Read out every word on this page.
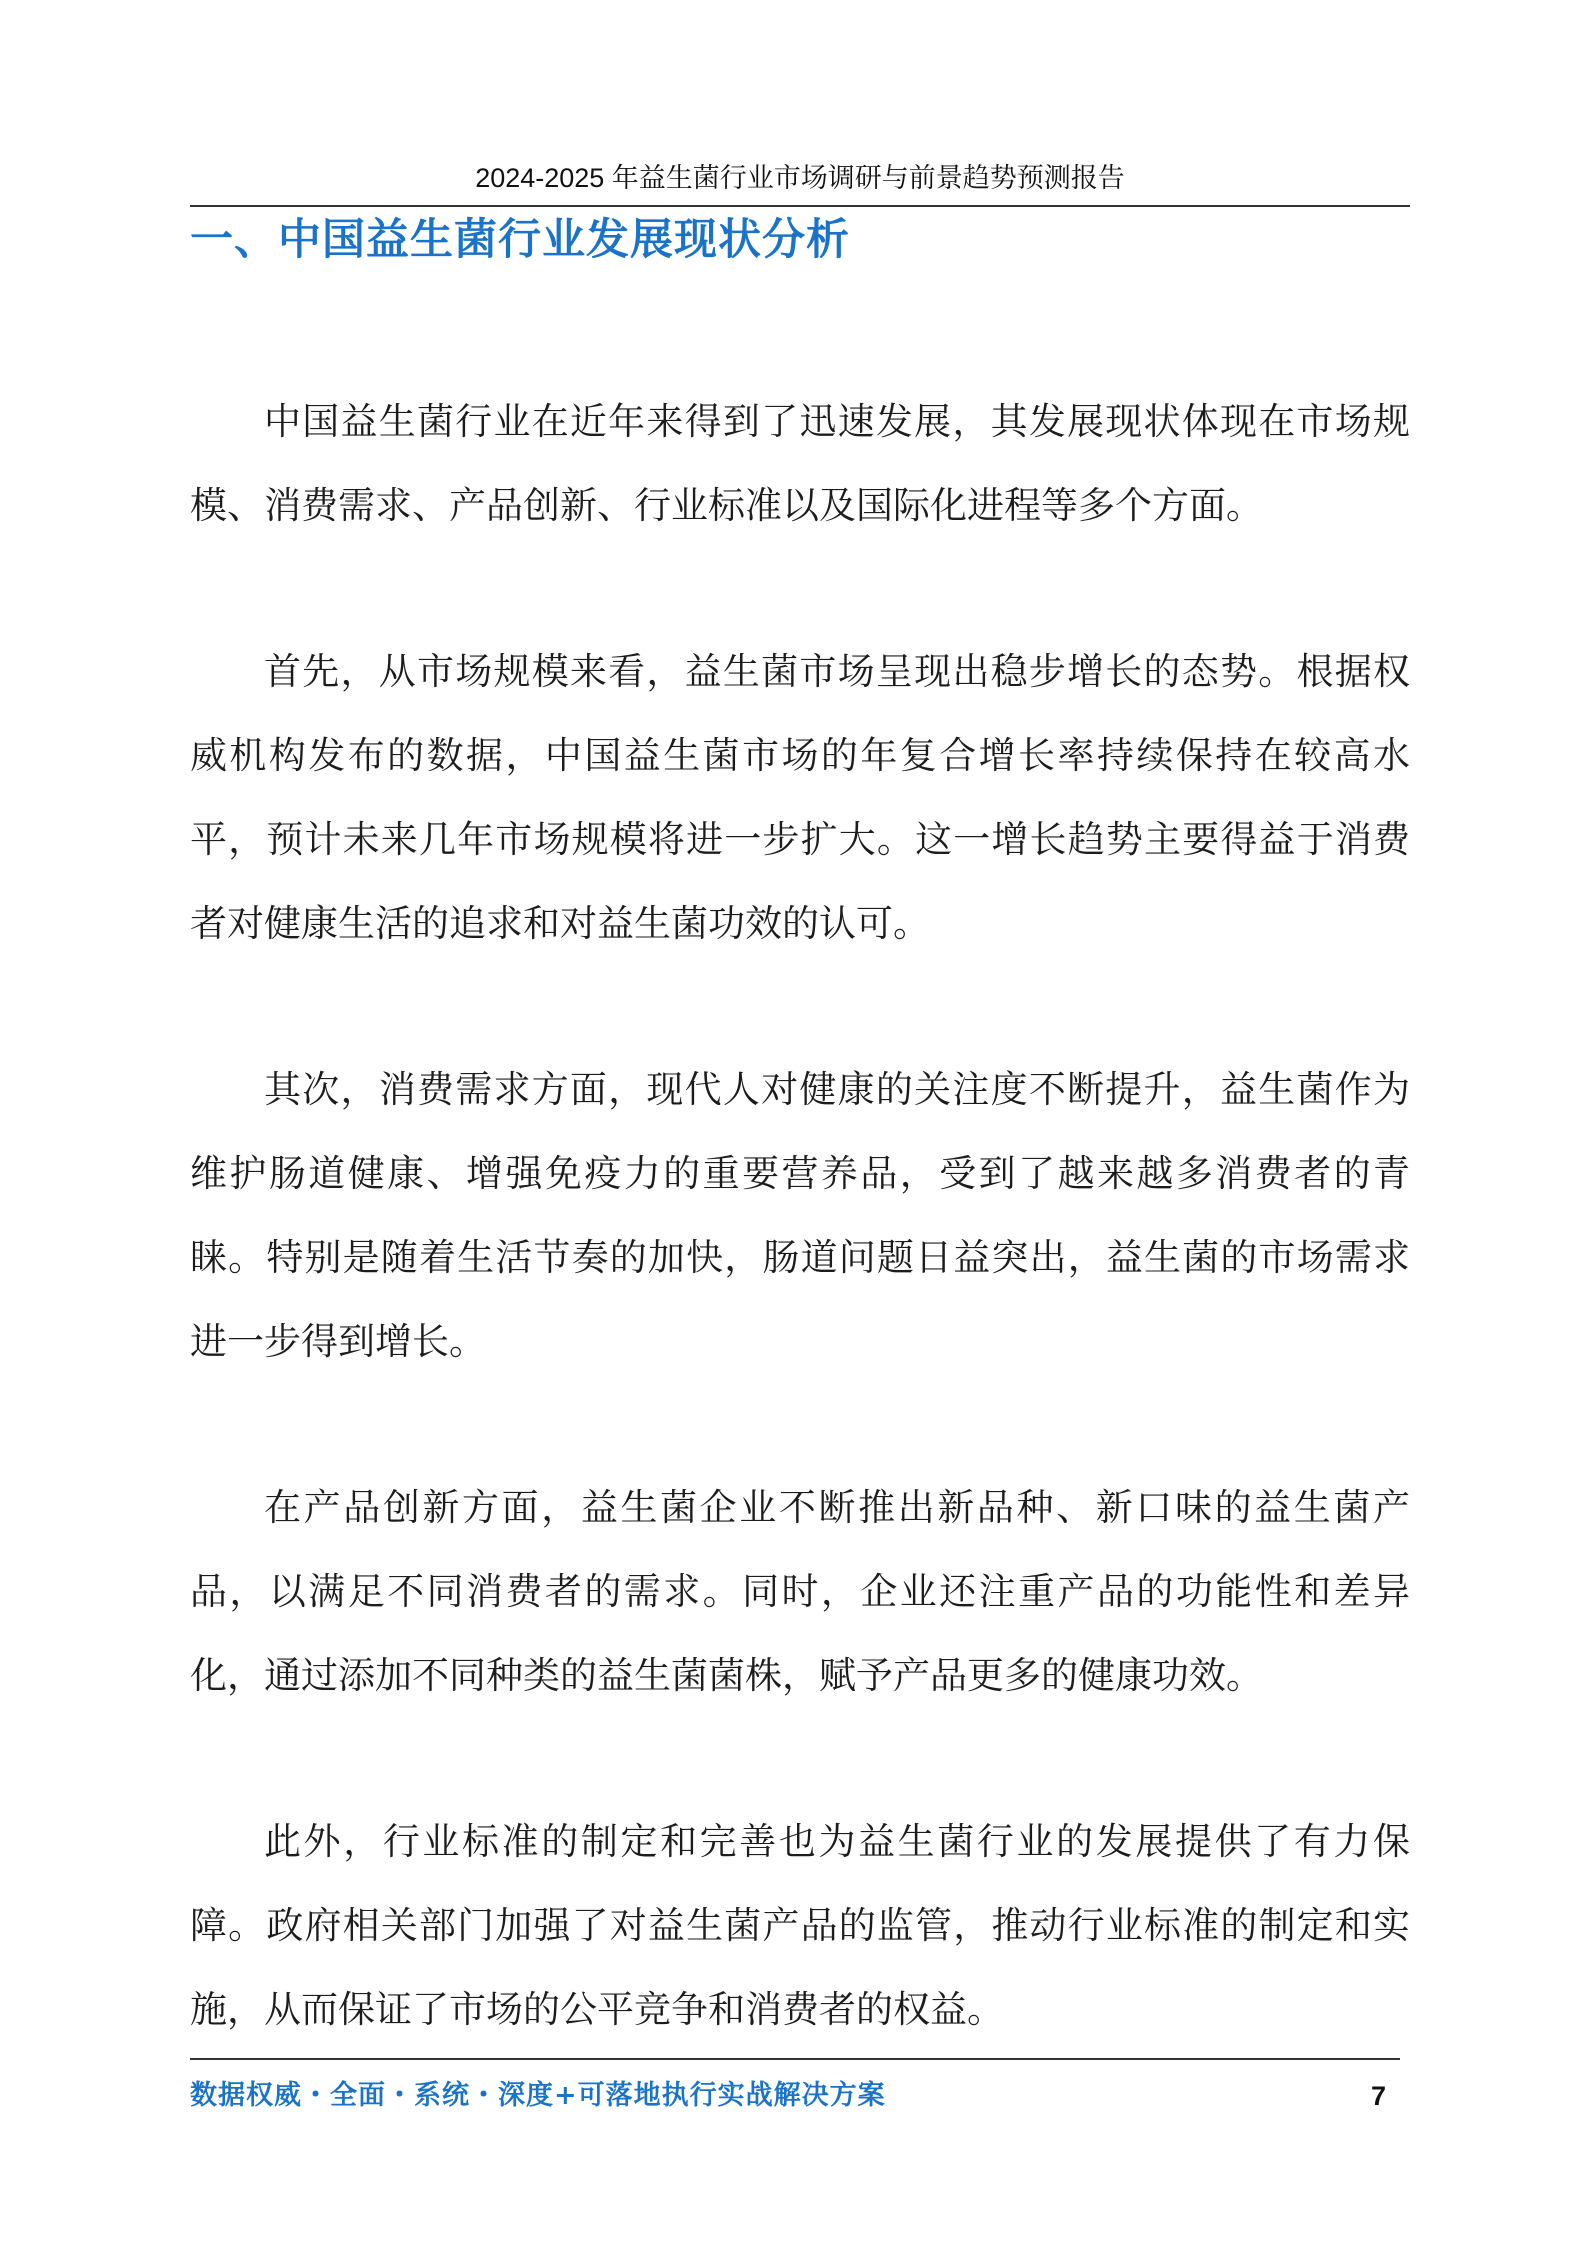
2024-2025 年益生菌行业市场调研与前景趋势预测报告
一、中国益生菌行业发展现状分析

中国益生菌行业在近年来得到了迅速发展，其发展现状体现在市场规模、消费需求、产品创新、行业标准以及国际化进程等多个方面。

首先，从市场规模来看，益生菌市场呈现出稳步增长的态势。根据权威机构发布的数据，中国益生菌市场的年复合增长率持续保持在较高水平，预计未来几年市场规模将进一步扩大。这一增长趋势主要得益于消费者对健康生活的追求和对益生菌功效的认可。

其次，消费需求方面，现代人对健康的关注度不断提升，益生菌作为维护肠道健康、增强免疫力的重要营养品，受到了越来越多消费者的青睐。特别是随着生活节奏的加快，肠道问题日益突出，益生菌的市场需求进一步得到增长。

在产品创新方面，益生菌企业不断推出新品种、新口味的益生菌产品，以满足不同消费者的需求。同时，企业还注重产品的功能性和差异化，通过添加不同种类的益生菌菌株，赋予产品更多的健康功效。

此外，行业标准的制定和完善也为益生菌行业的发展提供了有力保障。政府相关部门加强了对益生菌产品的监管，推动行业标准的制定和实施，从而保证了市场的公平竞争和消费者的权益。

数据权威・全面・系统・深度+可落地执行实战解决方案	7
